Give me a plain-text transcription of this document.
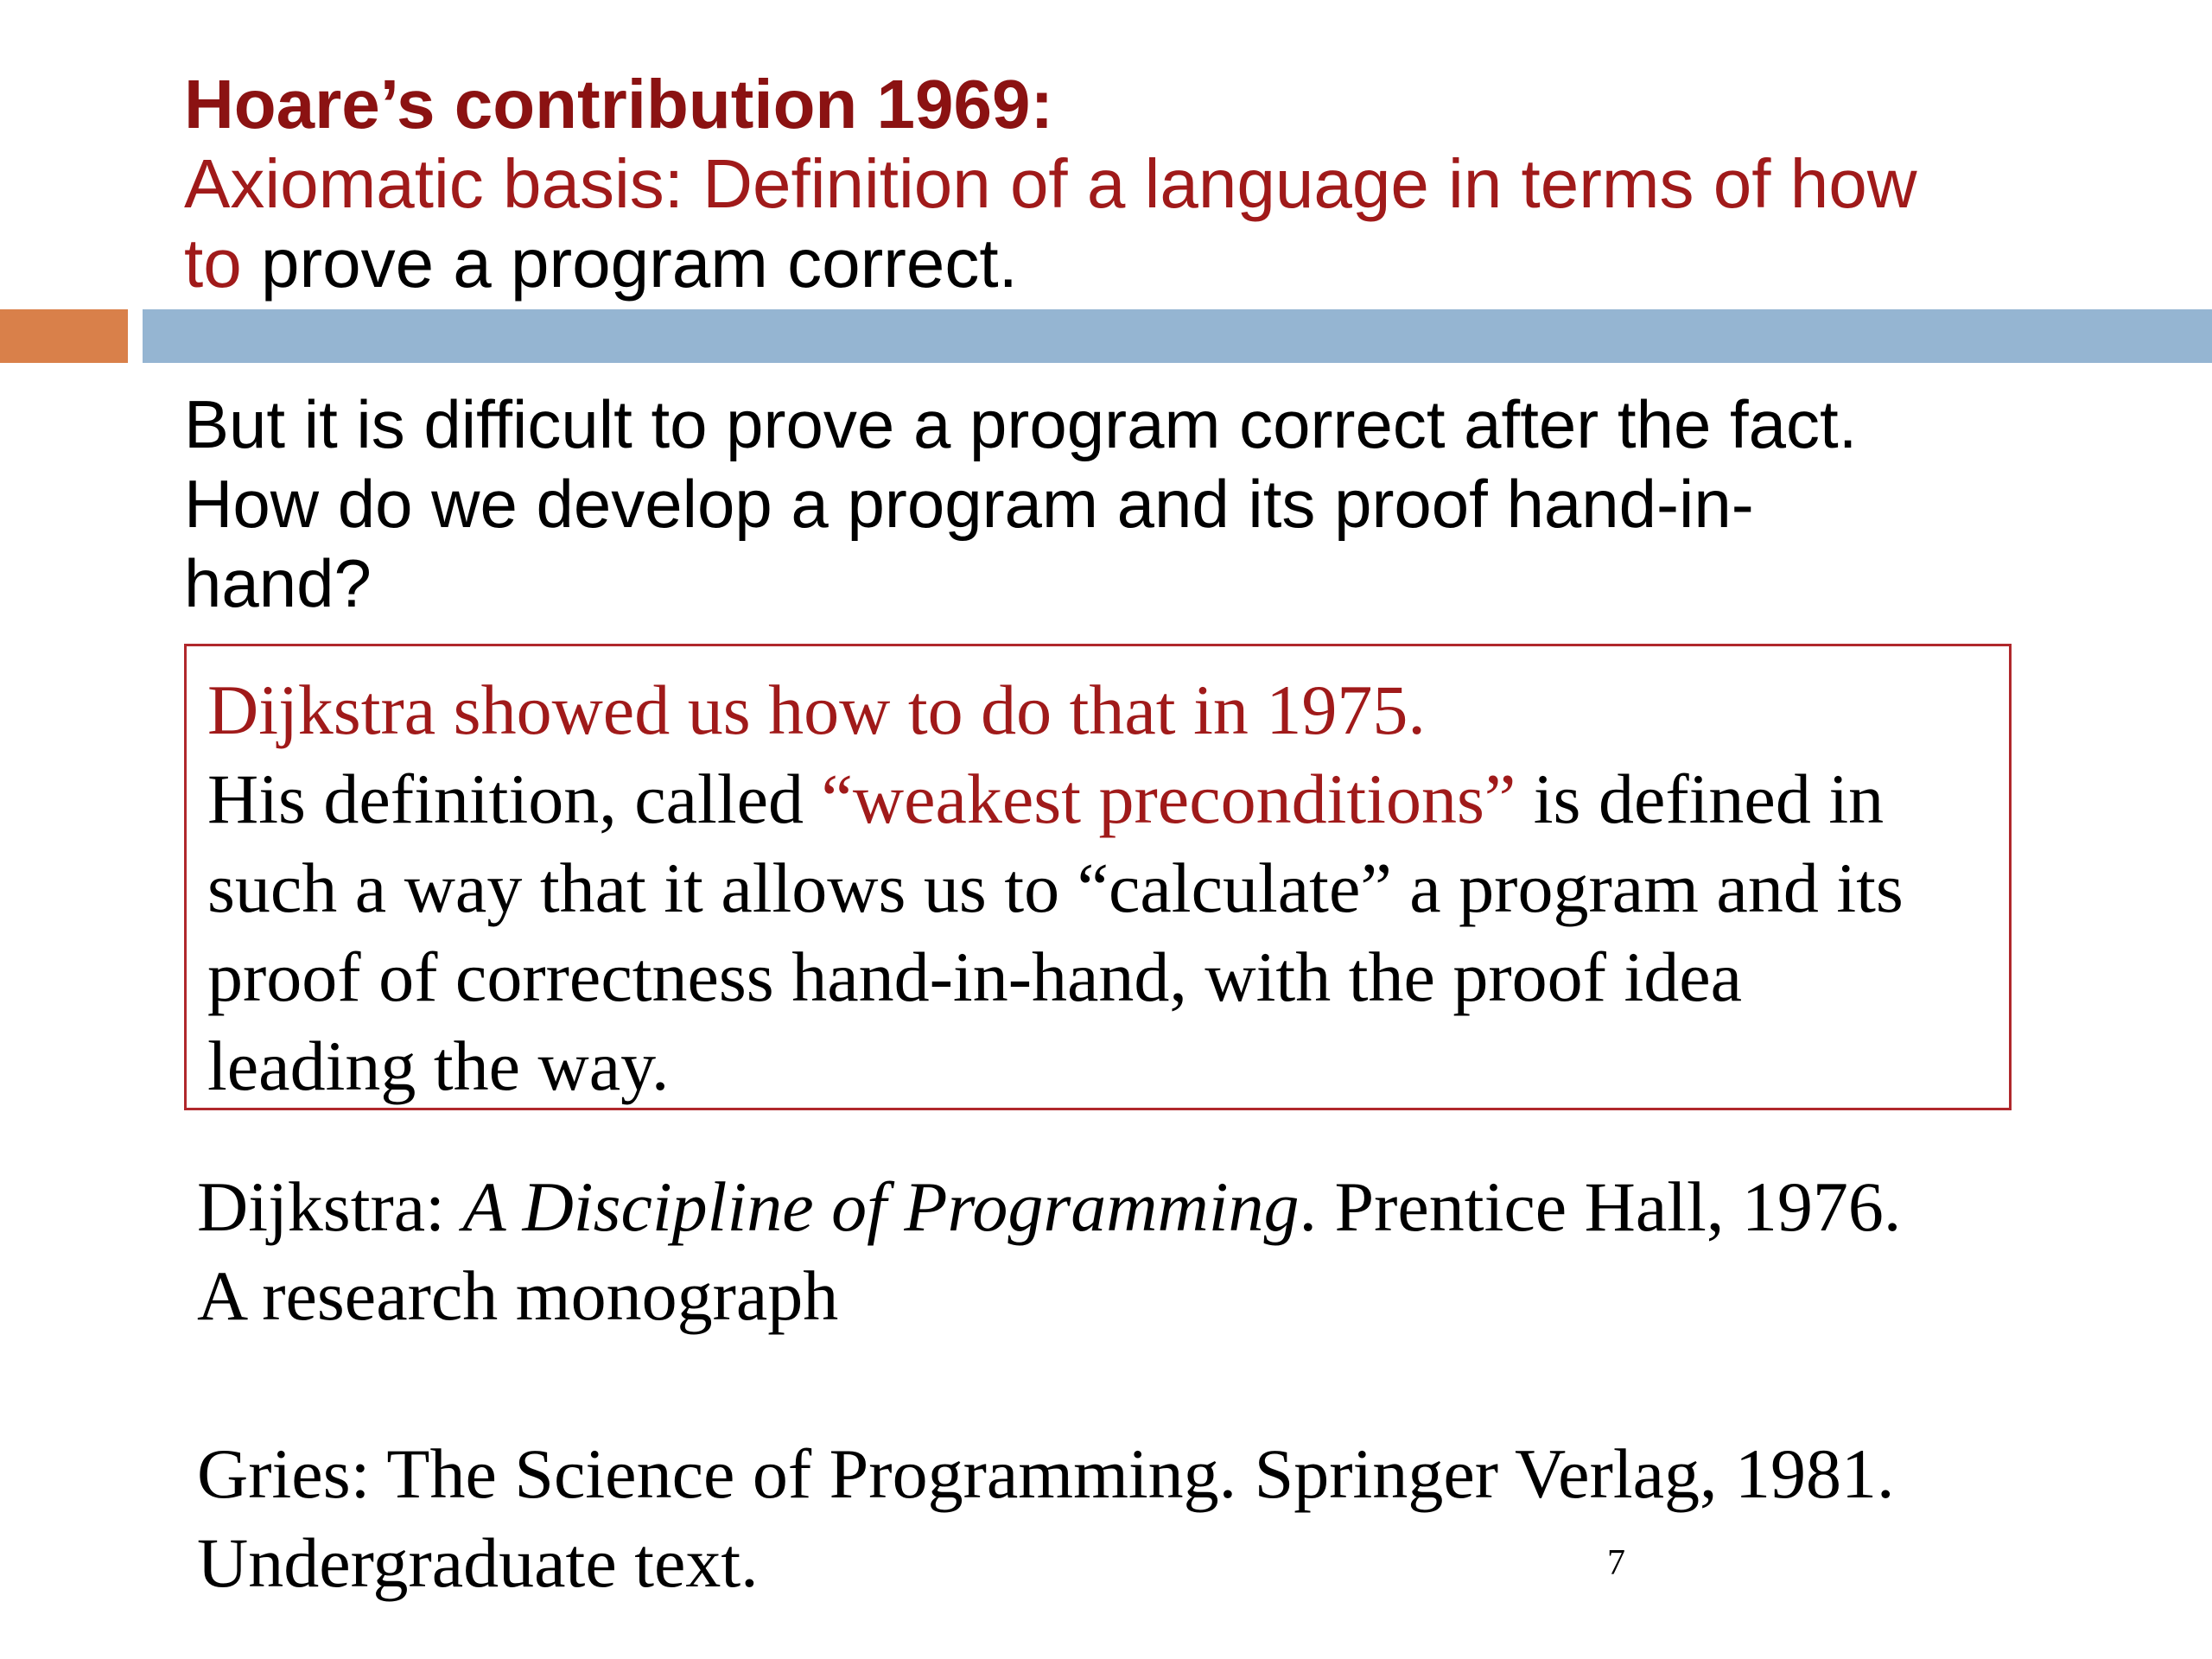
Hoare’s contribution 1969:
Axiomatic basis: Definition of a language in terms of how
to prove a program correct.
But it is difficult to prove a program correct after the fact.
How do we develop a program and its proof hand-in-
hand?
Dijkstra showed us how to do that in 1975.
His definition, called “weakest preconditions” is defined in
such a way that it allows us to “calculate” a program and its
proof of correctness hand-in-hand, with the proof idea
leading the way.
Dijkstra: A Discipline of Programming. Prentice Hall, 1976.
A research monograph
Gries: The Science of Programming. Springer Verlag, 1981.
Undergraduate text.	7
